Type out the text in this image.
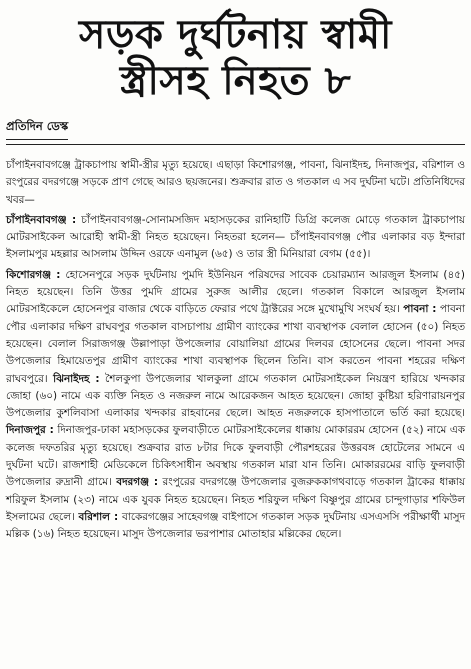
সড়ক দুর্ঘটনায় স্বামী
স্ত্রীসহ নিহত ৮
প্রতিদিন ডেস্ক

চাঁপাইনবাবগঞ্জে ট্রাকচাপায় স্বামী-স্ত্রীর মৃত্যু হয়েছে। এছাড়া কিশোরগঞ্জ, পাবনা, ঝিনাইদহ, দিনাজপুর, বরিশাল ও রংপুরের বদরগঞ্জে সড়কে প্রাণ গেছে আরও ছয়জনের। শুক্রবার রাত ও গতকাল এ সব দুর্ঘটনা ঘটে। প্রতিনিধিদের খবর—

চাঁপাইনবাবগঞ্জ : চাঁপাইনবাবগঞ্জ-সোনামসজিদ মহাসড়কের রানিহাটি ডিগ্রি কলেজ মোড়ে গতকাল ট্রাকচাপায় মোটরসাইকেল আরোহী স্বামী-স্ত্রী নিহত হয়েছেন। নিহতরা হলেন— চাঁপাইনবাবগঞ্জ পৌর এলাকার বড় ইন্দারা ইসলামপুর মহল্লার আসলাম উদ্দিন ওরফে এনামুল (৬৫) ও তার স্ত্রী মিনিয়ারা বেগম (৫৫)।

কিশোরগঞ্জ : হোসেনপুরে সড়ক দুর্ঘটনায় পুমদি ইউনিয়ন পরিষদের সাবেক চেয়ারম্যান আরজুল ইসলাম (৪৫) নিহত হয়েছেন। তিনি উত্তর পুমদি গ্রামের সুরুজ আলীর ছেলে। গতকাল বিকালে আরজুল ইসলাম মোটরসাইকেলে হোসেনপুর বাজার থেকে বাড়িতে ফেরার পথে ট্রাক্টরের সঙ্গে মুখোমুখি সংঘর্ষ হয়। পাবনা : পাবনা পৌর এলাকার দক্ষিণ রাঘবপুর গতকাল বাসচাপায় গ্রামীণ ব্যাংকের শাখা ব্যবস্থাপক বেলাল হোসেন (৫০) নিহত হয়েছেন। বেলাল সিরাজগঞ্জ উল্লাপাড়া উপজেলার বোয়ালিয়া গ্রামের দিলবর হোসেনের ছেলে। পাবনা সদর উপজেলার হিমায়েতপুর গ্রামীণ ব্যাংকের শাখা ব্যবস্থাপক ছিলেন তিনি। বাস করতেন পাবনা শহরের দক্ষিণ রাঘবপুরে। ঝিনাইদহ : শৈলকুপা উপজেলার খালকুলা গ্রামে গতকাল মোটরসাইকেল নিয়ন্ত্রণ হারিয়ে খন্দকার জোহা (৬০) নামে এক ব্যক্তি নিহত ও নজরুল নামে আরেকজন আহত হয়েছেন। জোহা কুষ্টিয়া হরিণারায়নপুর উপজেলার কুশলিবাসা এলাকার খন্দকার রাহবানের ছেলে। আহত নজরুলকে হাসপাতালে ভর্তি করা হয়েছে। দিনাজপুর : দিনাজপুর-ঢাকা মহাসড়কের ফুলবাড়ীতে মোটরসাইকেলের ধাক্কায় মোকাররম হোসেন (৫২) নামে এক কলেজ দফতরির মৃত্যু হয়েছে। শুক্রবার রাত ৮টার দিকে ফুলবাড়ী পৌরশহরের উত্তরবঙ্গ হোটেলের সামনে এ দুর্ঘটনা ঘটে। রাজশাহী মেডিকেলে চিকিৎসাধীন অবস্থায় গতকাল মারা যান তিনি। মোকাররমের বাড়ি ফুলবাড়ী উপজেলার রুদ্রানী গ্রামে। বদরগঞ্জ : রংপুরের বদরগঞ্জে উপজেলার বুজরুককাগথবাড়ে গতকাল ট্রাকের ধাক্কায় শরিফুল ইসলাম (২৩) নামে এক যুবক নিহত হয়েছেন। নিহত শরিফুল দক্ষিণ বিষ্ণুপুর গ্রামের চান্দুগাড়ার শফিউল ইসলামের ছেলে। বরিশাল : বাকেরগঞ্জের সাহেবগঞ্জ বাইপাসে গতকাল সড়ক দুর্ঘটনায় এসএসসি পরীক্ষার্থী মাসুদ মল্লিক (১৬) নিহত হয়েছেন। মাসুদ উপজেলার ভরপাশার মোতাহার মল্লিকের ছেলে।
